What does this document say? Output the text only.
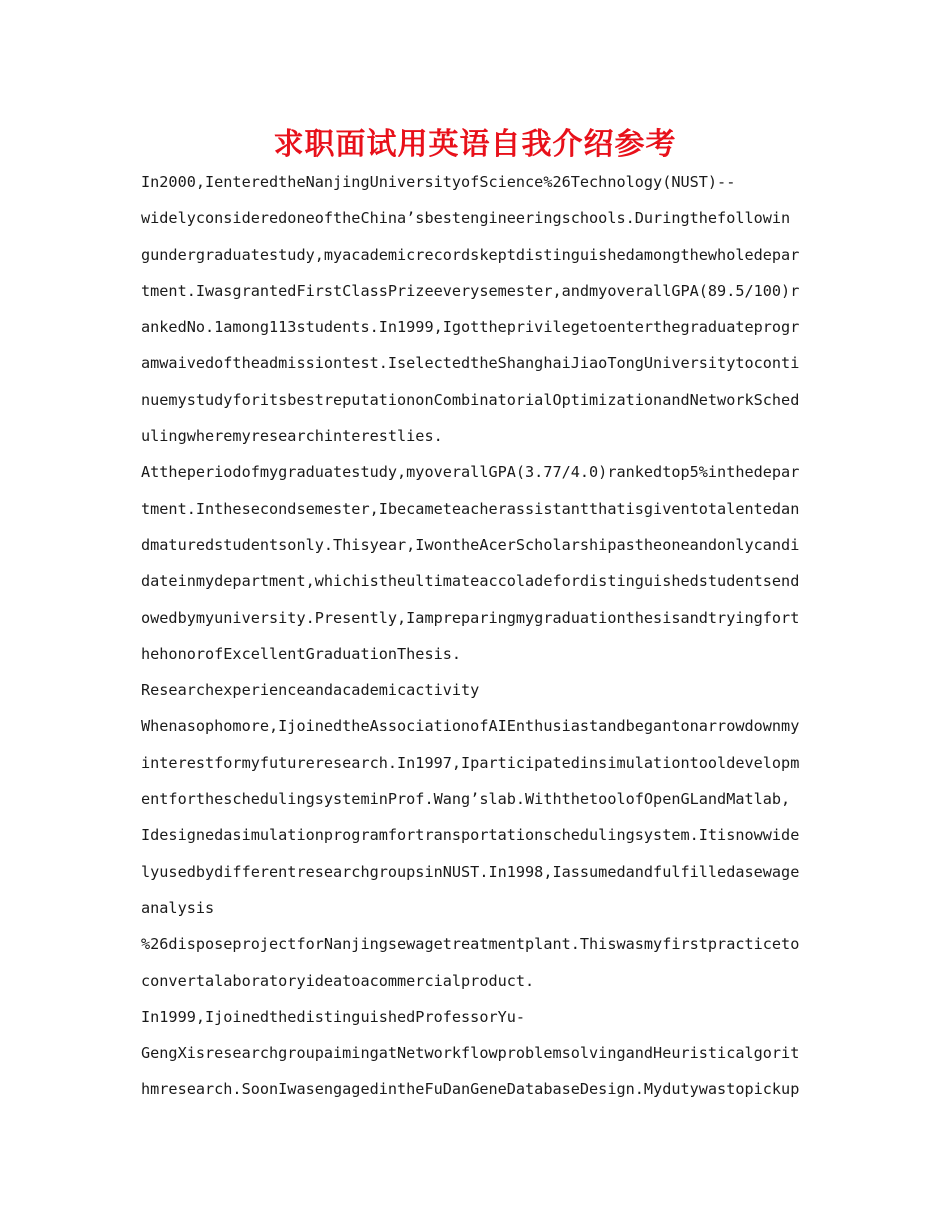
求职面试用英语自我介绍参考
In2000,IenteredtheNanjingUniversityofScience%26Technology(NUST)--
widelyconsideredoneoftheChina’sbestengineeringschools.Duringthefollowin
gundergraduatestudy,myacademicrecordskeptdistinguishedamongthewholedepar
tment.IwasgrantedFirstClassPrizeeverysemester,andmyoverallGPA(89.5/100)r
ankedNo.1among113students.In1999,Igottheprivilegetoenterthegraduateprogr
amwaivedoftheadmissiontest.IselectedtheShanghaiJiaoTongUniversitytoconti
nuemystudyforitsbestreputationonCombinatorialOptimizationandNetworkSched
ulingwheremyresearchinterestlies.
Attheperiodofmygraduatestudy,myoverallGPA(3.77/4.0)rankedtop5%inthedepar
tment.Inthesecondsemester,Ibecameteacherassistantthatisgiventotalentedan
dmaturedstudentsonly.Thisyear,IwontheAcerScholarshipastheoneandonlycandi
dateinmydepartment,whichistheultimateaccoladefordistinguishedstudentsend
owedbymyuniversity.Presently,Iampreparingmygraduationthesisandtryingfort
hehonorofExcellentGraduationThesis.
Researchexperienceandacademicactivity
Whenasophomore,IjoinedtheAssociationofAIEnthusiastandbegantonarrowdownmy
interestformyfutureresearch.In1997,Iparticipatedinsimulationtooldevelopm
entfortheschedulingsysteminProf.Wang’slab.WiththetoolofOpenGLandMatlab,
Idesignedasimulationprogramfortransportationschedulingsystem.Itisnowwide
lyusedbydifferentresearchgroupsinNUST.In1998,Iassumedandfulfilledasewage
analysis
%26disposeprojectforNanjingsewagetreatmentplant.Thiswasmyfirstpracticeto
convertalaboratoryideatoacommercialproduct.
In1999,IjoinedthedistinguishedProfessorYu-
GengXisresearchgroupaimingatNetworkflowproblemsolvingandHeuristicalgorit
hmresearch.SoonIwasengagedintheFuDanGeneDatabaseDesign.Mydutywastopickup
